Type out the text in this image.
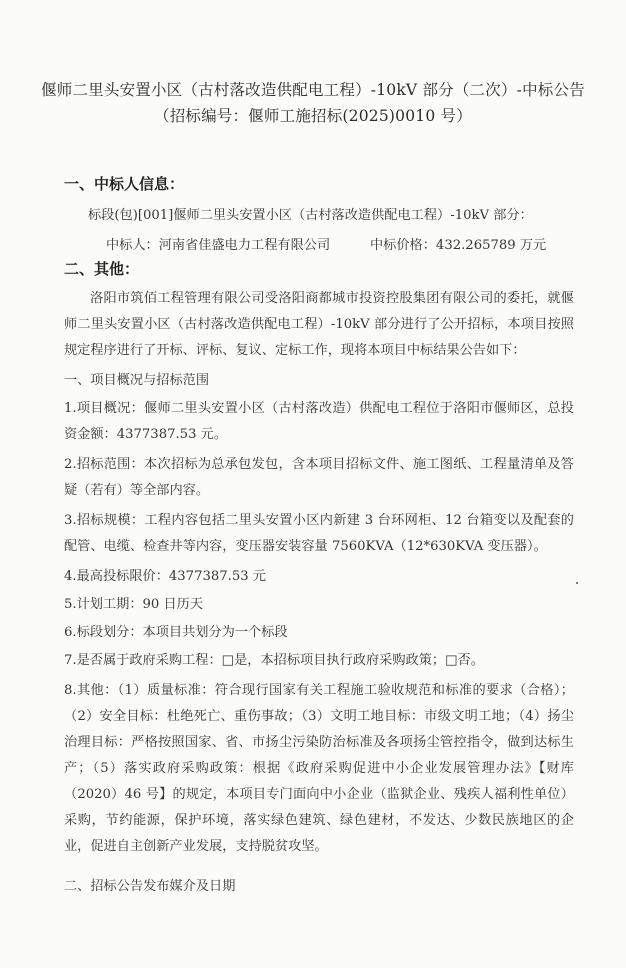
偃师二里头安置小区（古村落改造供配电工程）-10kV 部分（二次）-中标公告
（招标编号：偃师工施招标(2025)0010 号）
一、中标人信息：
标段(包)[001]偃师二里头安置小区（古村落改造供配电工程）-10kV 部分：
中标人：河南省佳盛电力工程有限公司	中标价格：432.265789 万元
二、其他：
洛阳市筑佰工程管理有限公司受洛阳商都城市投资控股集团有限公司的委托，就偃师二里头安置小区（古村落改造供配电工程）-10kV 部分进行了公开招标，本项目按照规定程序进行了开标、评标、复议、定标工作，现将本项目中标结果公告如下：
一、项目概况与招标范围
1.项目概况：偃师二里头安置小区（古村落改造）供配电工程位于洛阳市偃师区，总投资金额：4377387.53 元。
2.招标范围：本次招标为总承包发包，含本项目招标文件、施工图纸、工程量清单及答疑（若有）等全部内容。
3.招标规模：工程内容包括二里头安置小区内新建 3 台环网柜、12 台箱变以及配套的配管、电缆、检查井等内容，变压器安装容量 7560KVA（12*630KVA 变压器）。
4.最高投标限价：4377387.53 元
5.计划工期：90 日历天
6.标段划分：本项目共划分为一个标段
7.是否属于政府采购工程：□是，本招标项目执行政府采购政策；□否。
8.其他：（1）质量标准：符合现行国家有关工程施工验收规范和标准的要求（合格）；（2）安全目标：杜绝死亡、重伤事故；（3）文明工地目标：市级文明工地；（4）扬尘治理目标：严格按照国家、省、市扬尘污染防治标准及各项扬尘管控指令，做到达标生产；（5）落实政府采购政策：根据《政府采购促进中小企业发展管理办法》【财库（2020）46 号】的规定，本项目专门面向中小企业（监狱企业、残疾人福利性单位）采购，节约能源，保护环境，落实绿色建筑、绿色建材，不发达、少数民族地区的企业，促进自主创新产业发展，支持脱贫攻坚。
二、招标公告发布媒介及日期
